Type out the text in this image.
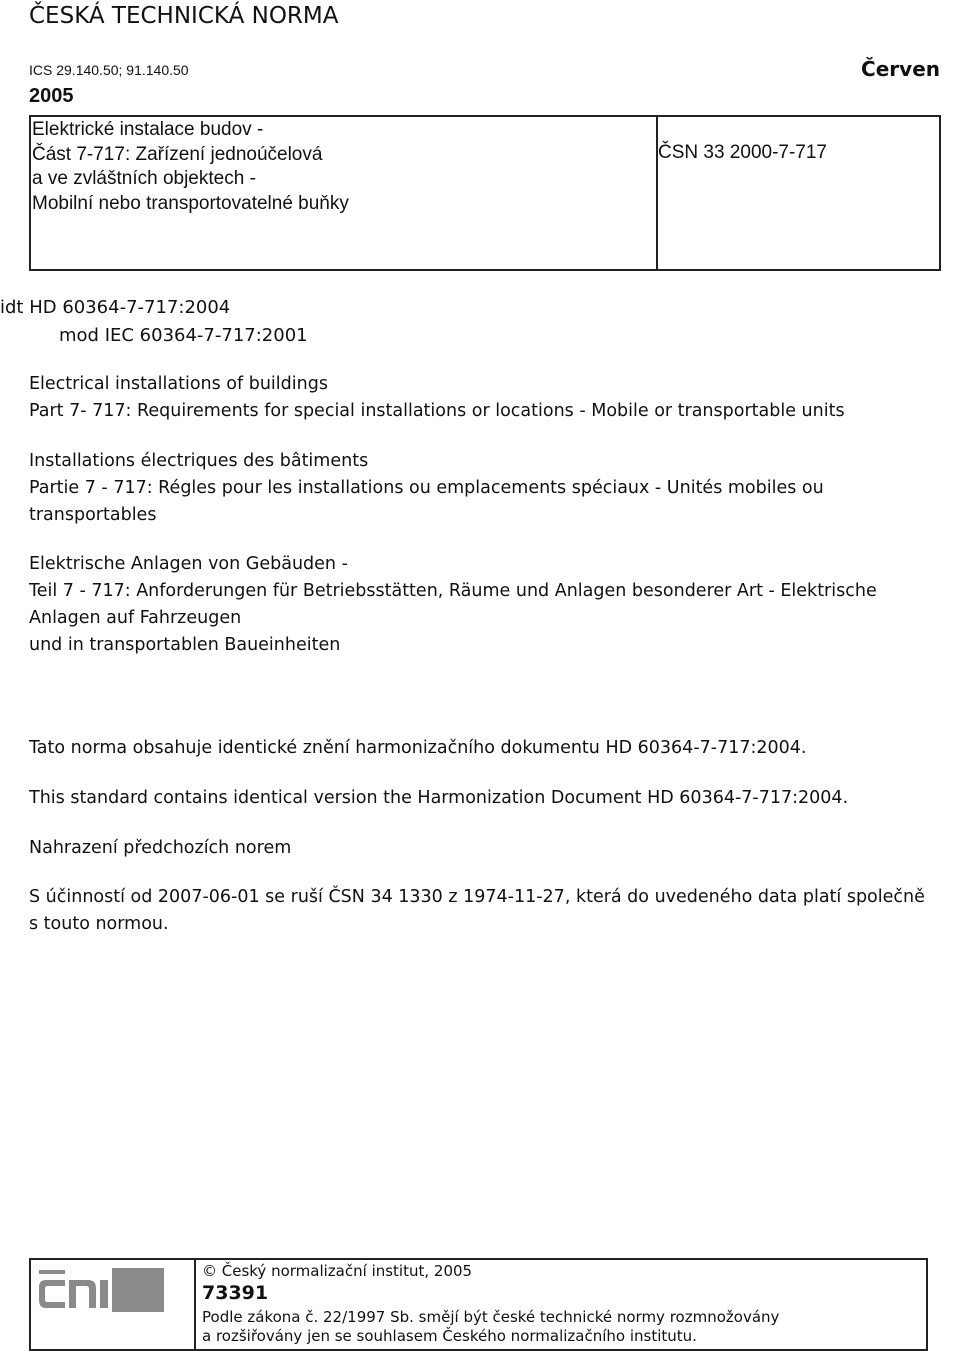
ČESKÁ TECHNICKÁ NORMA
ICS 29.140.50; 91.140.50	Červen
2005
Elektrické instalace budov -
Část 7-717: Zařízení jednoúčelová
a ve zvláštních objektech -
Mobilní nebo transportovatelné buňky
ČSN 33 2000-7-717
idt HD 60364-7-717:2004
mod IEC 60364-7-717:2001
Electrical installations of buildings
Part 7- 717: Requirements for special installations or locations - Mobile or transportable units
Installations électriques des bâtiments
Partie 7 - 717: Régles pour les installations ou emplacements spéciaux - Unités mobiles ou
transportables
Elektrische Anlagen von Gebäuden -
Teil 7 - 717: Anforderungen für Betriebsstätten, Räume und Anlagen besonderer Art - Elektrische
Anlagen auf Fahrzeugen
und in transportablen Baueinheiten
Tato norma obsahuje identické znění harmonizačního dokumentu HD 60364-7-717:2004.
This standard contains identical version the Harmonization Document HD 60364-7-717:2004.
Nahrazení předchozích norem
S účinností od 2007-06-01 se ruší ČSN 34 1330 z 1974-11-27, která do uvedeného data platí společně
s touto normou.
© Český normalizační institut, 2005
73391
Podle zákona č. 22/1997 Sb. smějí být české technické normy rozmnožovány
a rozšiřovány jen se souhlasem Českého normalizačního institutu.
